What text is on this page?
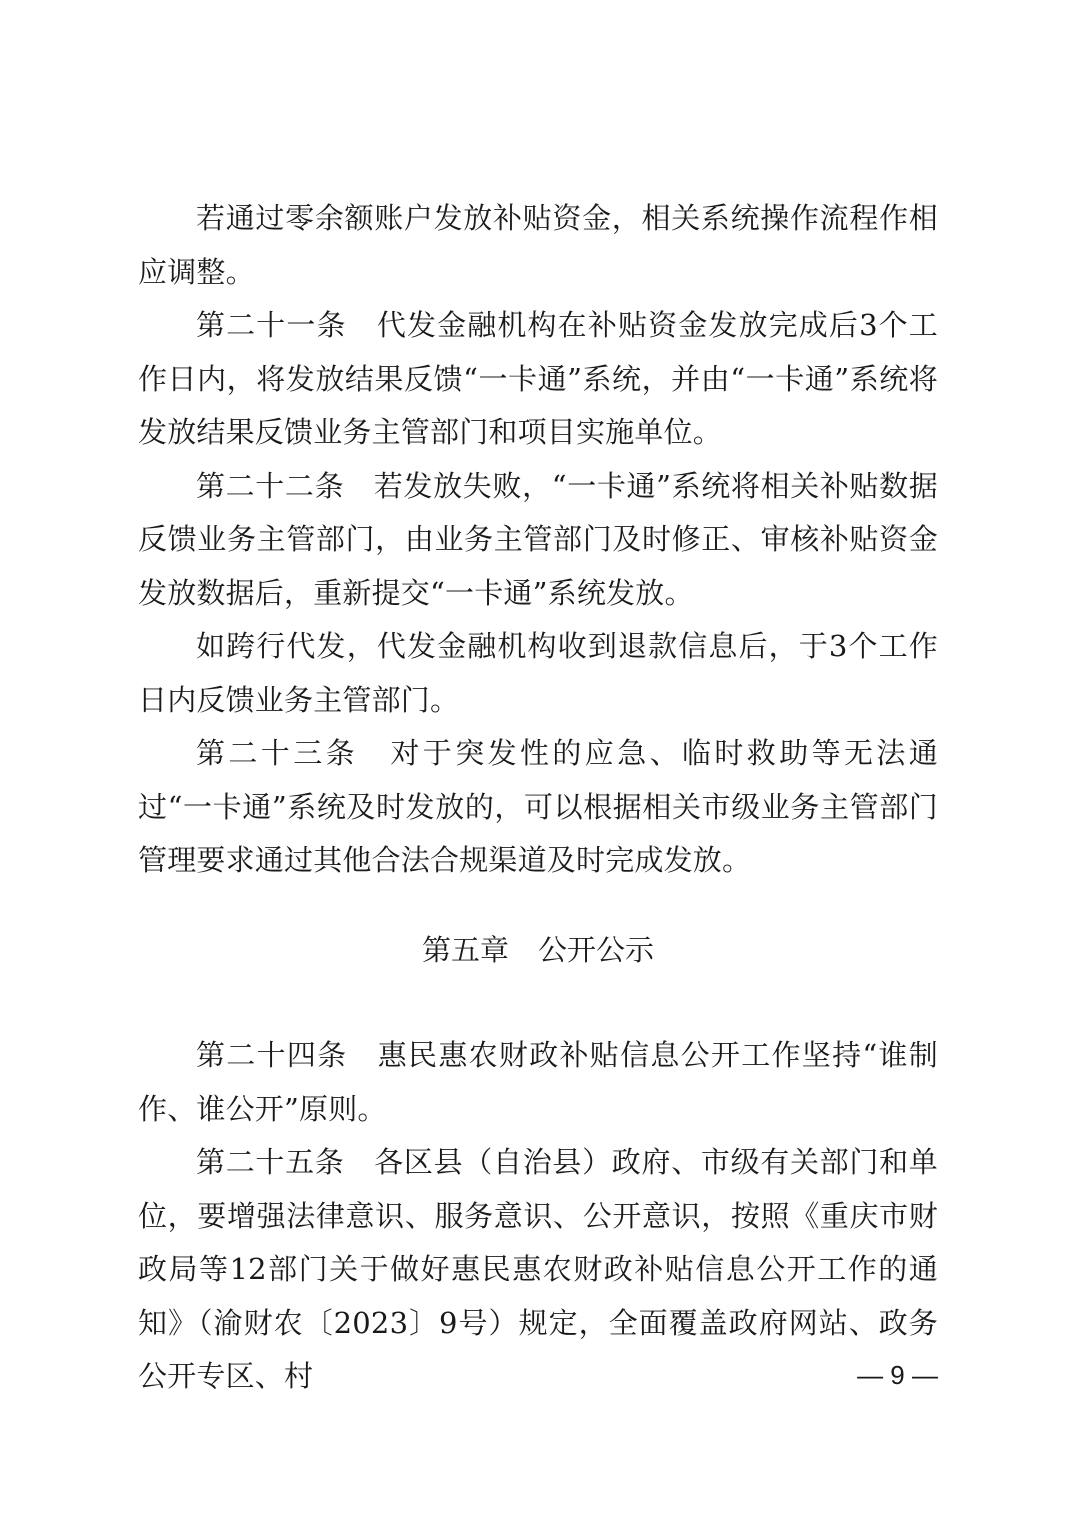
若通过零余额账户发放补贴资金，相关系统操作流程作相应调整。

第二十一条　代发金融机构在补贴资金发放完成后3个工作日内，将发放结果反馈“一卡通”系统，并由“一卡通”系统将发放结果反馈业务主管部门和项目实施单位。

第二十二条　若发放失败，“一卡通”系统将相关补贴数据反馈业务主管部门，由业务主管部门及时修正、审核补贴资金发放数据后，重新提交“一卡通”系统发放。

如跨行代发，代发金融机构收到退款信息后，于3个工作日内反馈业务主管部门。

第二十三条　对于突发性的应急、临时救助等无法通过“一卡通”系统及时发放的，可以根据相关市级业务主管部门管理要求通过其他合法合规渠道及时完成发放。

第五章　公开公示

第二十四条　惠民惠农财政补贴信息公开工作坚持“谁制作、谁公开”原则。

第二十五条　各区县（自治县）政府、市级有关部门和单位，要增强法律意识、服务意识、公开意识，按照《重庆市财政局等12部门关于做好惠民惠农财政补贴信息公开工作的通知》（渝财农〔2023〕9号）规定，全面覆盖政府网站、政务公开专区、村	— 9 —
